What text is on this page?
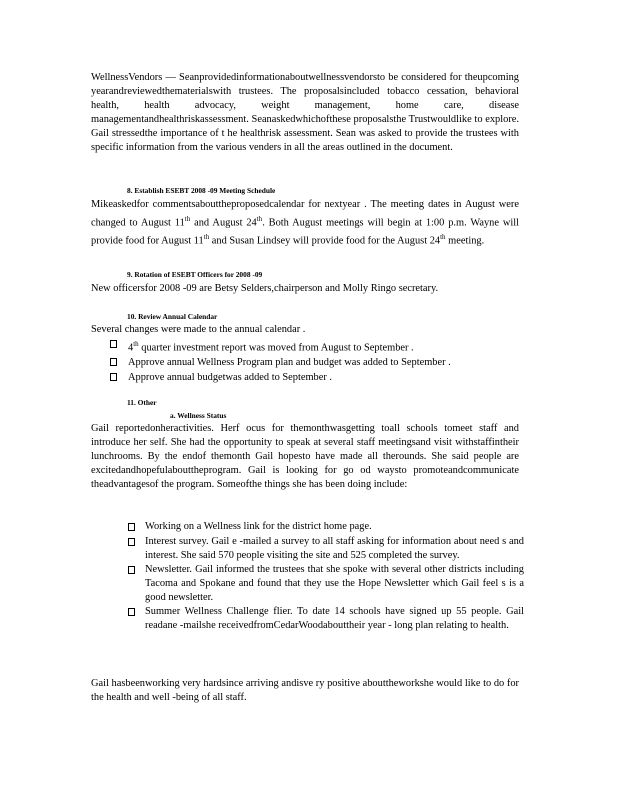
WellnessVendors — Seanprovidedinformationaboutwellnessvendorsto be considered for theupcoming yearandreviewedthematerialswith trustees. The proposalsincluded tobacco cessation, behavioral health, health advocacy, weight management, home care, disease managementandhealthriskassessment. Seanaskedwhichofthese proposalsthe Trustwouldlike to explore. Gail stressedthe importance of t he healthrisk assessment. Sean was asked to provide the trustees with specific information from the various venders in all the areas outlined in the document.
8. Establish ESEBT 2008 -09 Meeting Schedule
Mikeaskedfor commentsabouttheproposedcalendar for nextyear . The meeting dates in August were changed to August 11th and August 24th. Both August meetings will begin at 1:00 p.m. Wayne will provide food for August 11th and Susan Lindsey will provide food for the August 24th meeting.
9. Rotation of ESEBT Officers for 2008 -09
New officersfor 2008 -09 are Betsy Selders,chairperson and Molly Ringo secretary.
10. Review Annual Calendar
Several changes were made to the annual calendar .
4th quarter investment report was moved from August to September .
Approve annual Wellness Program plan and budget was added to September .
Approve annual budgetwas added to September .
11. Other
a. Wellness Status
Gail reportedonheractivities. Herf ocus for themonthwasgetting toall schools tomeet staff and introduce her self. She had the opportunity to speak at several staff meetingsand visit withstaffintheir lunchrooms. By the endof themonth Gail hopesto have made all therounds. She said people are excitedandhopefulabouttheprogram. Gail is looking for go od waysto promoteandcommunicate theadvantagesof the program. Someofthe things she has been doing include:
Working on a Wellness link for the district home page.
Interest survey. Gail e -mailed a survey to all staff asking for information about need s and interest. She said 570 people visiting the site and 525 completed the survey.
Newsletter. Gail informed the trustees that she spoke with several other districts including Tacoma and Spokane and found that they use the Hope Newsletter which Gail feel s is a good newsletter.
Summer Wellness Challenge flier. To date 14 schools have signed up 55 people. Gail readane -mailshe receivedfromCedarWoodabouttheir year - long plan relating to health.
Gail hasbeenworking very hardsince arriving andisve ry positive abouttheworkshe would like to do for the health and well -being of all staff.
